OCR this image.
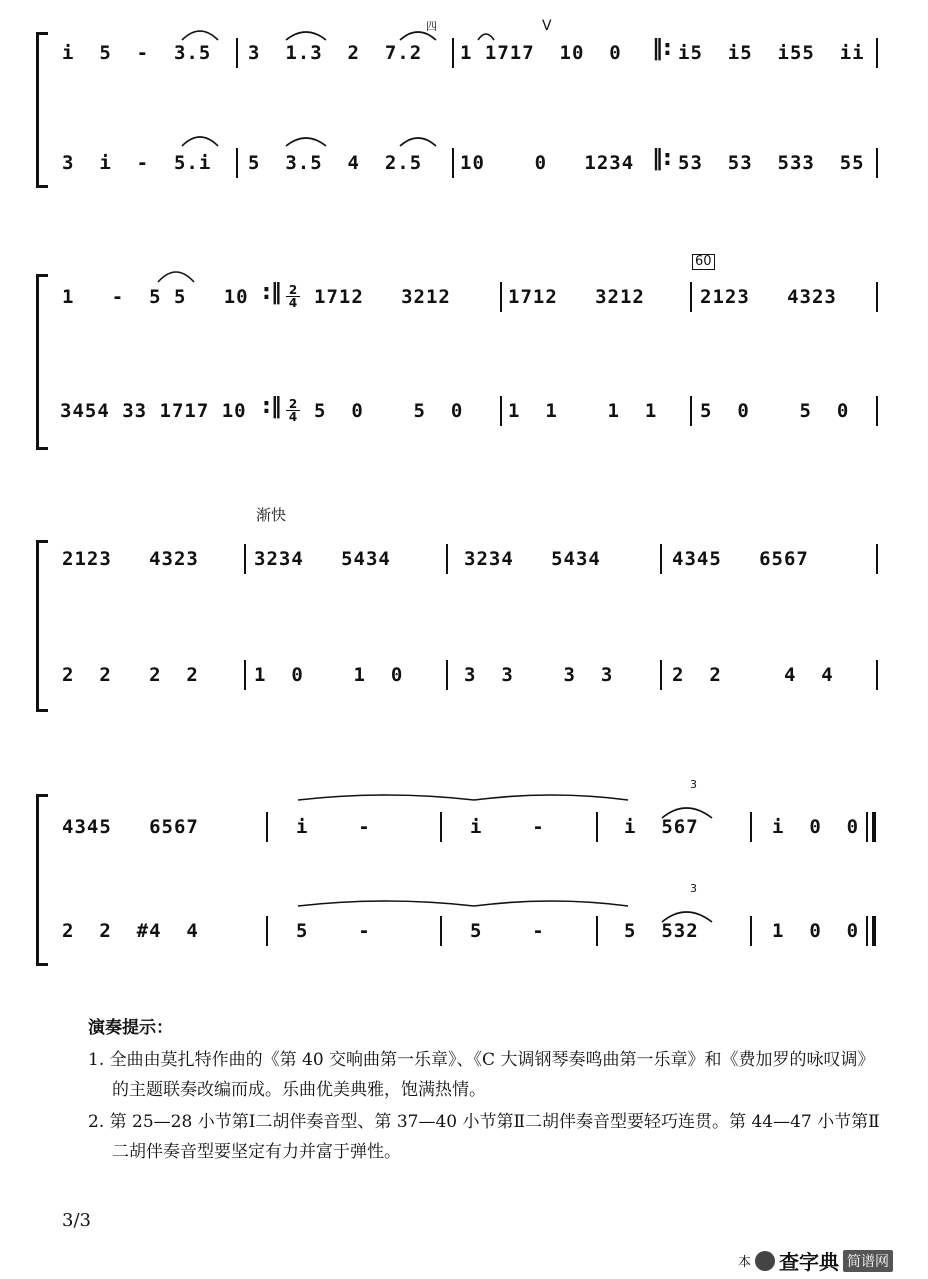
i  5  -  3.5 3  1.3  2  7.2 1 1717  10  0 ‖: i5  i5  i55  ii
四	V
3  i  -  5.i 5  3.5  4  2.5 10    0   1234 ‖: 53  53  533  55
1   -  5 5   10 :‖ $\frac{2}{4} 1712$   3212	1712   3212
60
2123   4323
3454 33 1717 10 :‖ $\frac{2}{4} 5$  0    5  0 1  1    1  1 5  0    5  0
渐快
2123   4323	3234   5434	3234   5434	4345   6567
2  2   2  2	1  0    1  0	3  3    3  3	2  2     4  4
4345   6567	i    -	i    -	i  567	i  0  0
3
2  2  #4  4	5    -	5    -	5  532	1  0  0
3
演奏提示：
1. 全曲由莫扎特作曲的《第 40 交响曲第一乐章》、《C 大调钢琴奏鸣曲第一乐章》和《费加罗的咏叹调》的主题联奏改编而成。乐曲优美典雅，饱满热情。
2. 第 25—28 小节第Ⅰ二胡伴奏音型、第 37—40 小节第Ⅱ二胡伴奏音型要轻巧连贯。第 44—47 小节第Ⅱ二胡伴奏音型要坚定有力并富于弹性。
3/3
本 查字典 简谱网
